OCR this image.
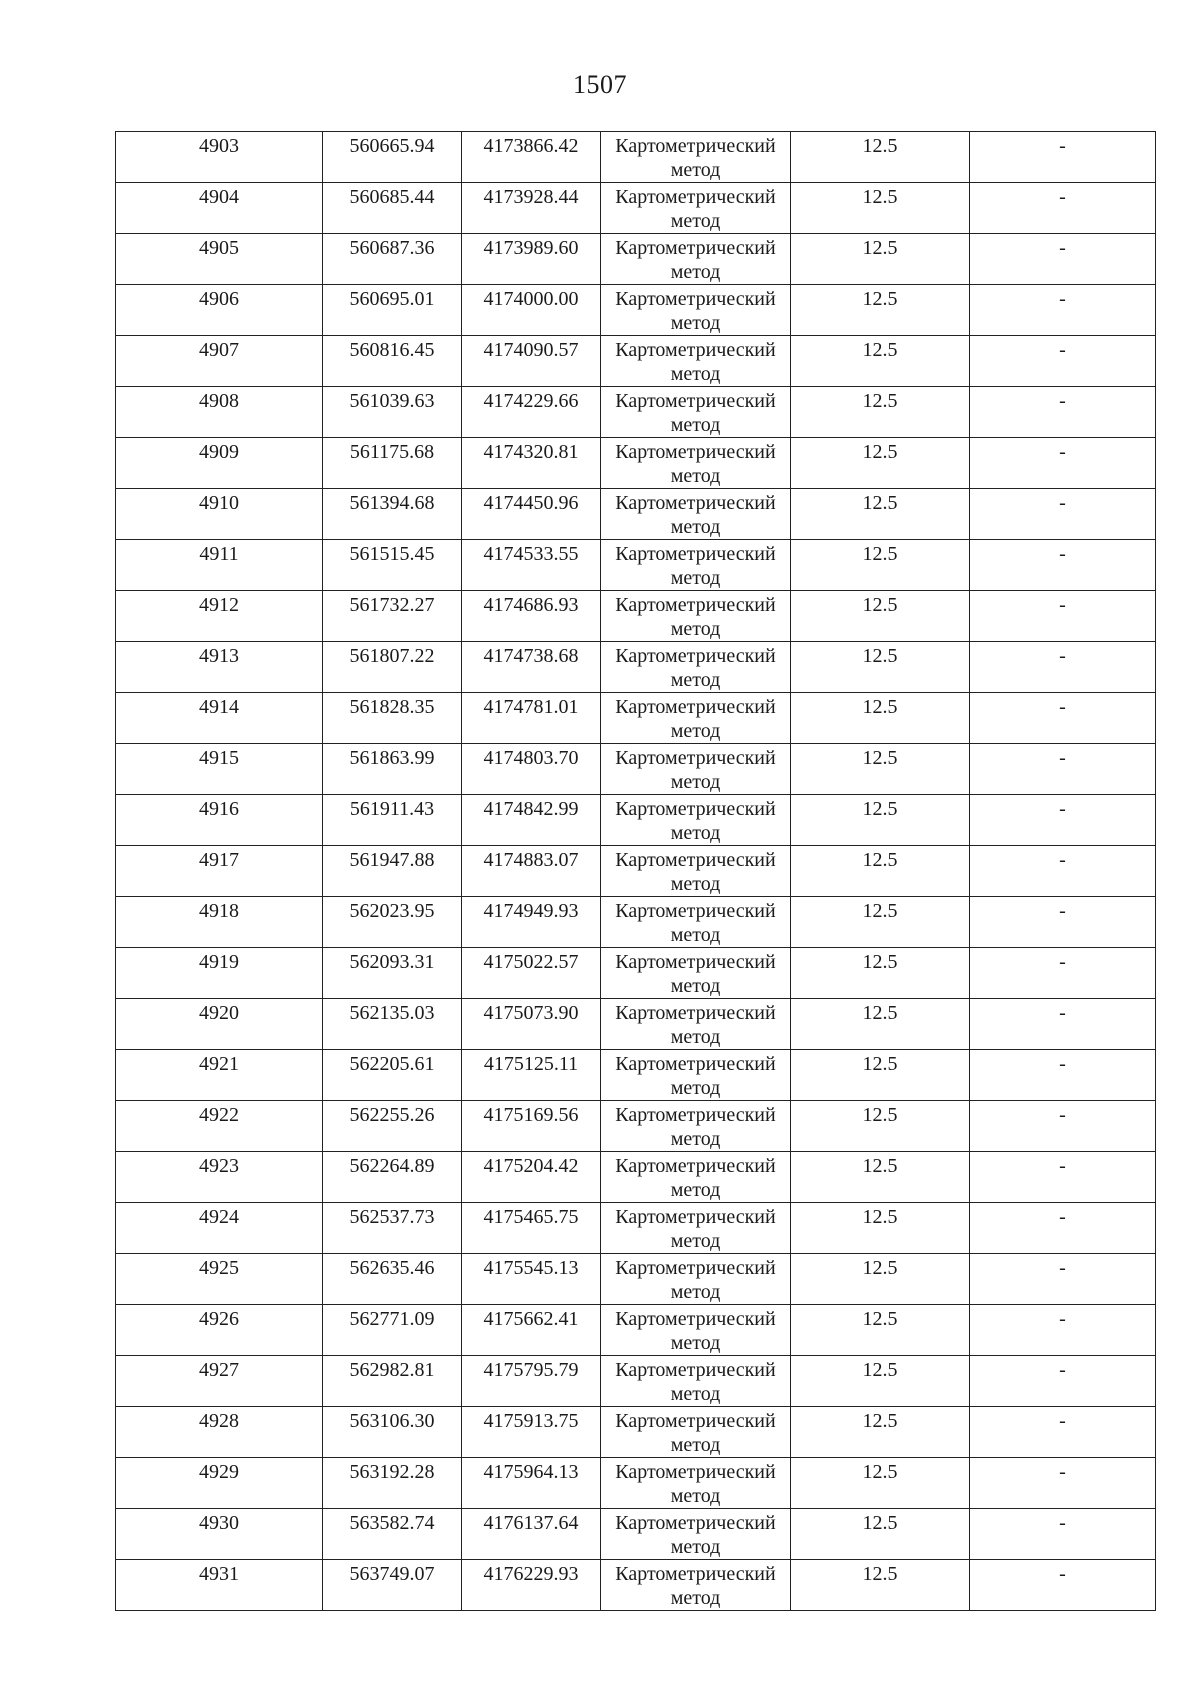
1507
4903	560665.94	4173866.42	Картометрический метод	12.5	-

4904	560685.44	4173928.44	Картометрический метод	12.5	-

4905	560687.36	4173989.60	Картометрический метод	12.5	-

4906	560695.01	4174000.00	Картометрический метод	12.5	-

4907	560816.45	4174090.57	Картометрический метод	12.5	-

4908	561039.63	4174229.66	Картометрический метод	12.5	-

4909	561175.68	4174320.81	Картометрический метод	12.5	-

4910	561394.68	4174450.96	Картометрический метод	12.5	-

4911	561515.45	4174533.55	Картометрический метод	12.5	-

4912	561732.27	4174686.93	Картометрический метод	12.5	-

4913	561807.22	4174738.68	Картометрический метод	12.5	-

4914	561828.35	4174781.01	Картометрический метод	12.5	-

4915	561863.99	4174803.70	Картометрический метод	12.5	-

4916	561911.43	4174842.99	Картометрический метод	12.5	-

4917	561947.88	4174883.07	Картометрический метод	12.5	-

4918	562023.95	4174949.93	Картометрический метод	12.5	-

4919	562093.31	4175022.57	Картометрический метод	12.5	-

4920	562135.03	4175073.90	Картометрический метод	12.5	-

4921	562205.61	4175125.11	Картометрический метод	12.5	-

4922	562255.26	4175169.56	Картометрический метод	12.5	-

4923	562264.89	4175204.42	Картометрический метод	12.5	-

4924	562537.73	4175465.75	Картометрический метод	12.5	-

4925	562635.46	4175545.13	Картометрический метод	12.5	-

4926	562771.09	4175662.41	Картометрический метод	12.5	-

4927	562982.81	4175795.79	Картометрический метод	12.5	-

4928	563106.30	4175913.75	Картометрический метод	12.5	-

4929	563192.28	4175964.13	Картометрический метод	12.5	-

4930	563582.74	4176137.64	Картометрический метод	12.5	-

4931	563749.07	4176229.93	Картометрический метод	12.5	-
